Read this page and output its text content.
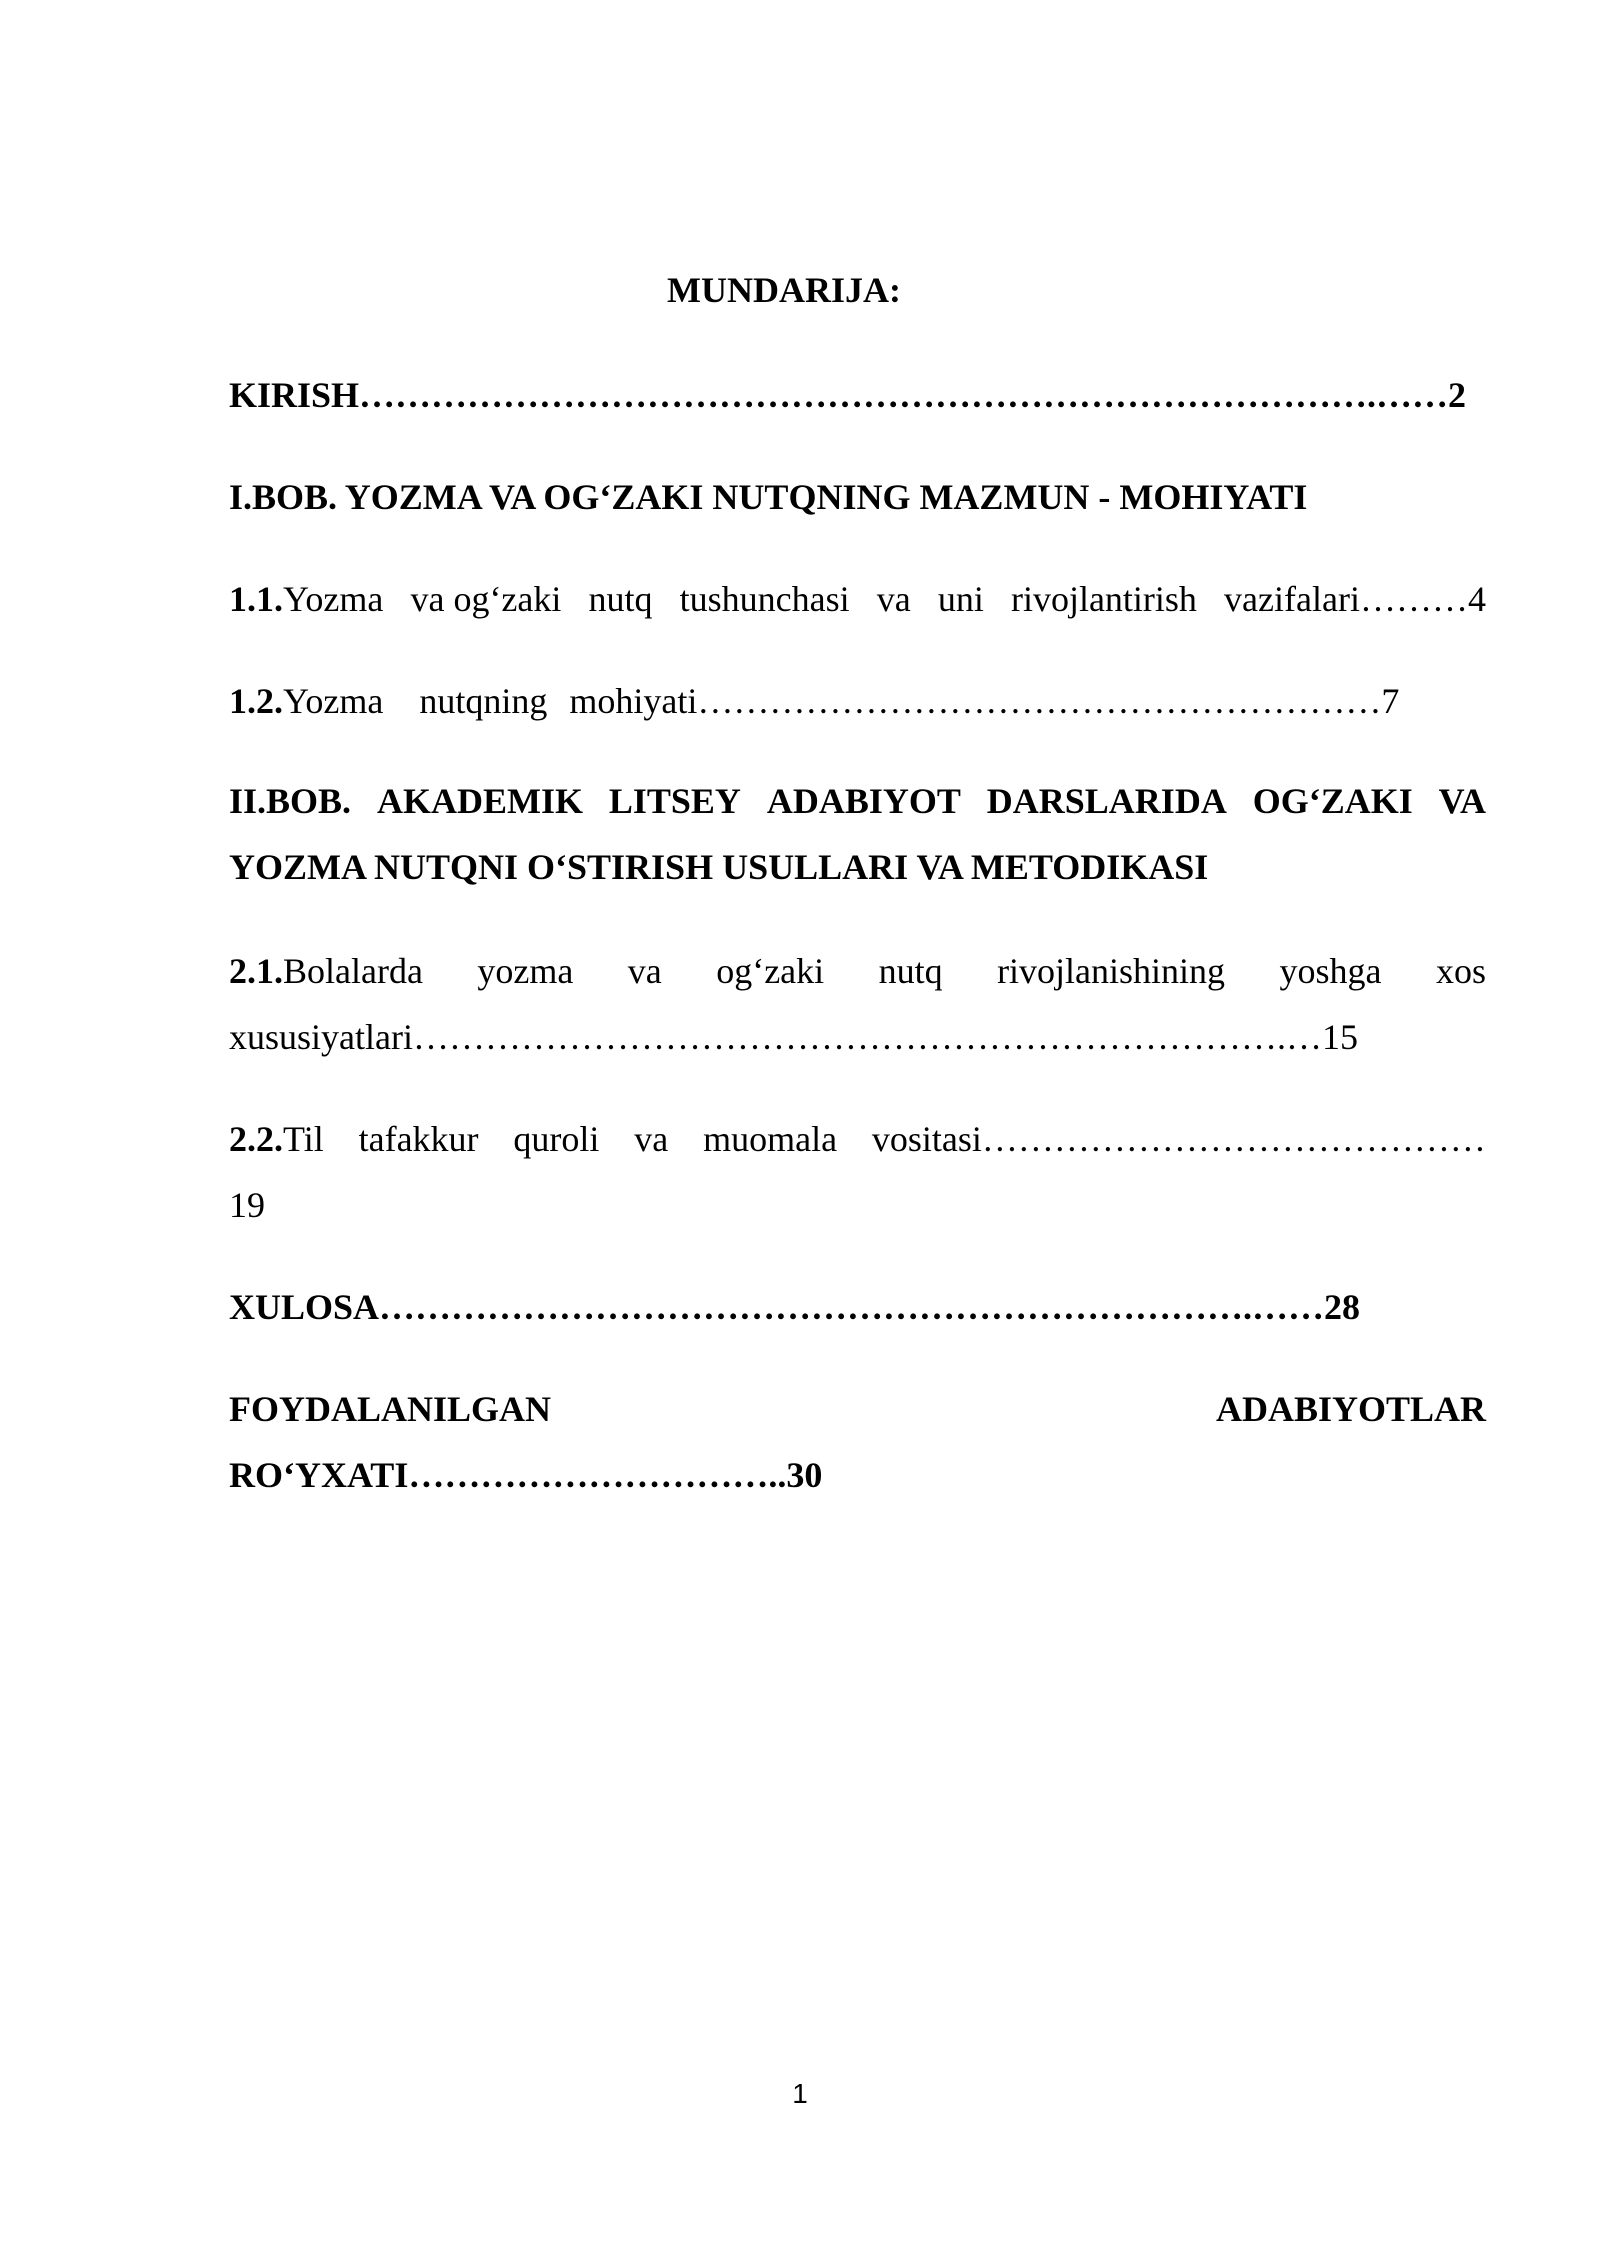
MUNDARIJA:
KIRISH………………………………………………………………………….……2
I.BOB. YOZMA VA OG‘ZAKI NUTQNING MAZMUN - MOHIYATI
1.1.Yozma va og‘zaki nutq tushunchasi va uni rivojlantirish vazifalari………4
1.2.Yozma nutqning mohiyati…………………………………………………7
II.BOB. AKADEMIK LITSEY ADABIYOT DARSLARIDA OG‘ZAKI VA
YOZMA NUTQNI O‘STIRISH USULLARI VA METODIKASI
2.1.Bolalarda yozma va og‘zaki nutq rivojlanishining yoshga xos
xususiyatlari……………………………………………………………….…15
2.2.Til tafakkur quroli va muomala vositasi……………………………………
19
XULOSA……………………………………………………………….……28
FOYDALANILGAN	ADABIYOTLAR
RO‘YXATI…………………………..30
1
